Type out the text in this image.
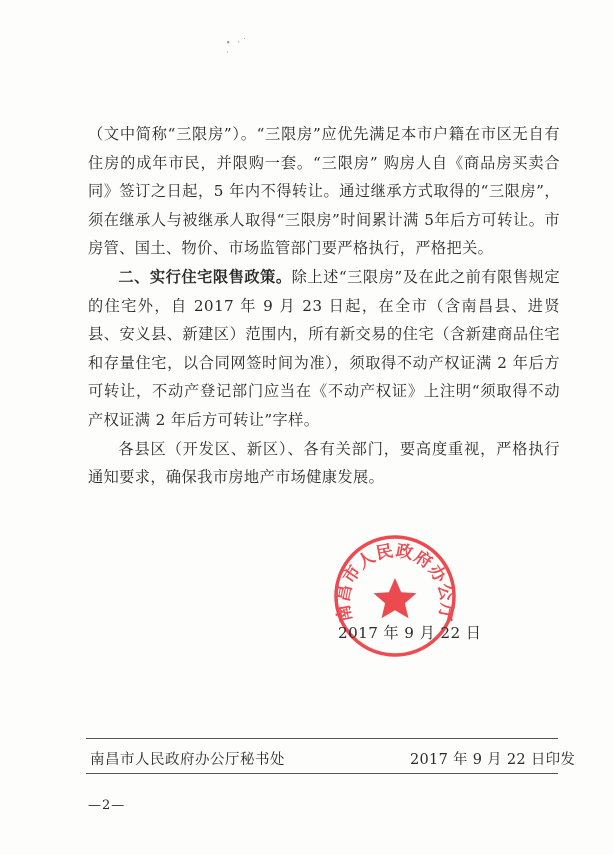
∙ ·˙ ·

（文中简称“三限房”）。“三限房”应优先满足本市户籍在市区无自有住房的成年市民，并限购一套。“三限房” 购房人自《商品房买卖合同》签订之日起，5 年内不得转让。通过继承方式取得的“三限房”，须在继承人与被继承人取得“三限房”时间累计满 5年后方可转让。市房管、国土、物价、市场监管部门要严格执行，严格把关。

二、实行住宅限售政策。除上述“三限房”及在此之前有限售规定的住宅外，自 2017 年 9 月 23 日起，在全市（含南昌县、进贤县、安义县、新建区）范围内，所有新交易的住宅（含新建商品住宅和存量住宅，以合同网签时间为准），须取得不动产权证满 2 年后方可转让，不动产登记部门应当在《不动产权证》上注明“须取得不动产权证满 2 年后方可转让”字样。

各县区（开发区、新区）、各有关部门，要高度重视，严格执行通知要求，确保我市房地产市场健康发展。

南昌市人民政府办公厅
2017 年 9 月 22 日
南昌市人民政府办公厅秘书处	2017 年 9 月 22 日印发
—2—
